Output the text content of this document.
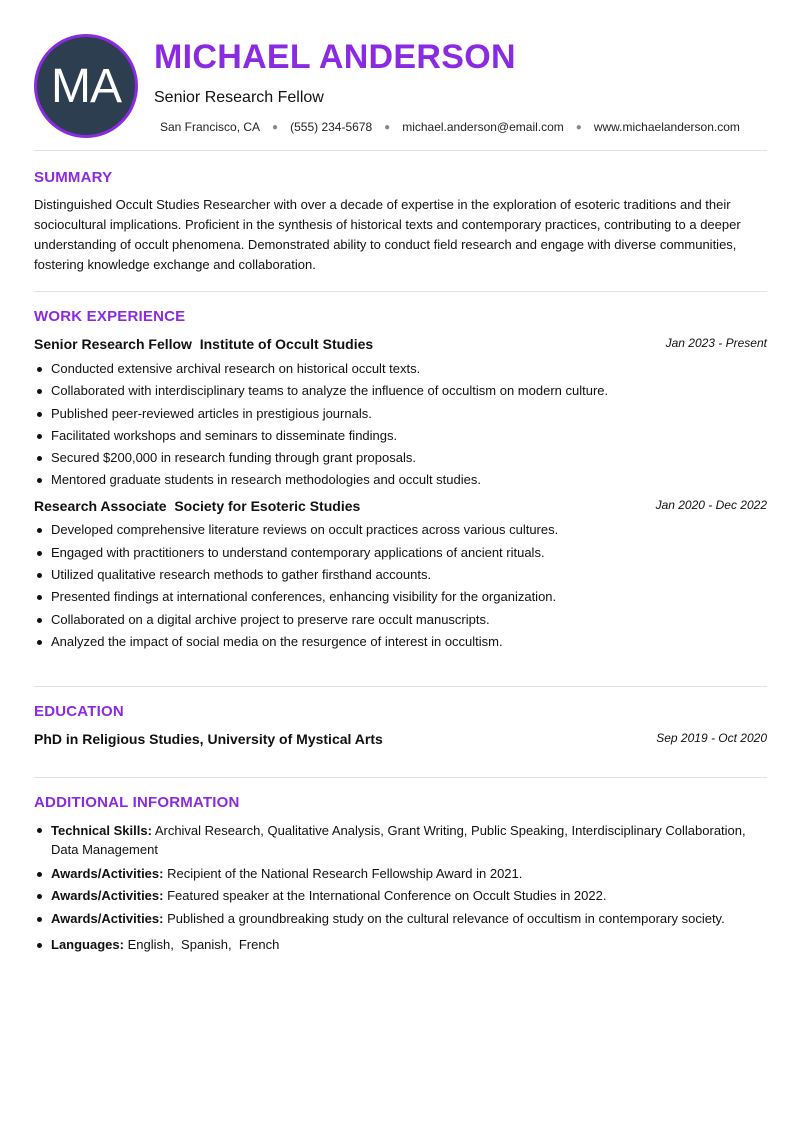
MA
MICHAEL ANDERSON
Senior Research Fellow
San Francisco, CA ● (555) 234-5678 ● michael.anderson@email.com ● www.michaelanderson.com
SUMMARY

Distinguished Occult Studies Researcher with over a decade of expertise in the exploration of esoteric traditions and their sociocultural implications. Proficient in the synthesis of historical texts and contemporary practices, contributing to a deeper understanding of occult phenomena. Demonstrated ability to conduct field research and engage with diverse communities, fostering knowledge exchange and collaboration.

WORK EXPERIENCE
Senior Research Fellow  Institute of Occult Studies	Jan 2023 - Present
Conducted extensive archival research on historical occult texts.
Collaborated with interdisciplinary teams to analyze the influence of occultism on modern culture.
Published peer-reviewed articles in prestigious journals.
Facilitated workshops and seminars to disseminate findings.
Secured $200,000 in research funding through grant proposals.
Mentored graduate students in research methodologies and occult studies.
Research Associate  Society for Esoteric Studies	Jan 2020 - Dec 2022
Developed comprehensive literature reviews on occult practices across various cultures.
Engaged with practitioners to understand contemporary applications of ancient rituals.
Utilized qualitative research methods to gather firsthand accounts.
Presented findings at international conferences, enhancing visibility for the organization.
Collaborated on a digital archive project to preserve rare occult manuscripts.
Analyzed the impact of social media on the resurgence of interest in occultism.
EDUCATION
PhD in Religious Studies, University of Mystical Arts	Sep 2019 - Oct 2020
ADDITIONAL INFORMATION
Technical Skills: Archival Research, Qualitative Analysis, Grant Writing, Public Speaking, Interdisciplinary Collaboration, Data Management
Awards/Activities: Recipient of the National Research Fellowship Award in 2021.
Awards/Activities: Featured speaker at the International Conference on Occult Studies in 2022.
Awards/Activities: Published a groundbreaking study on the cultural relevance of occultism in contemporary society.
Languages: English,  Spanish,  French
